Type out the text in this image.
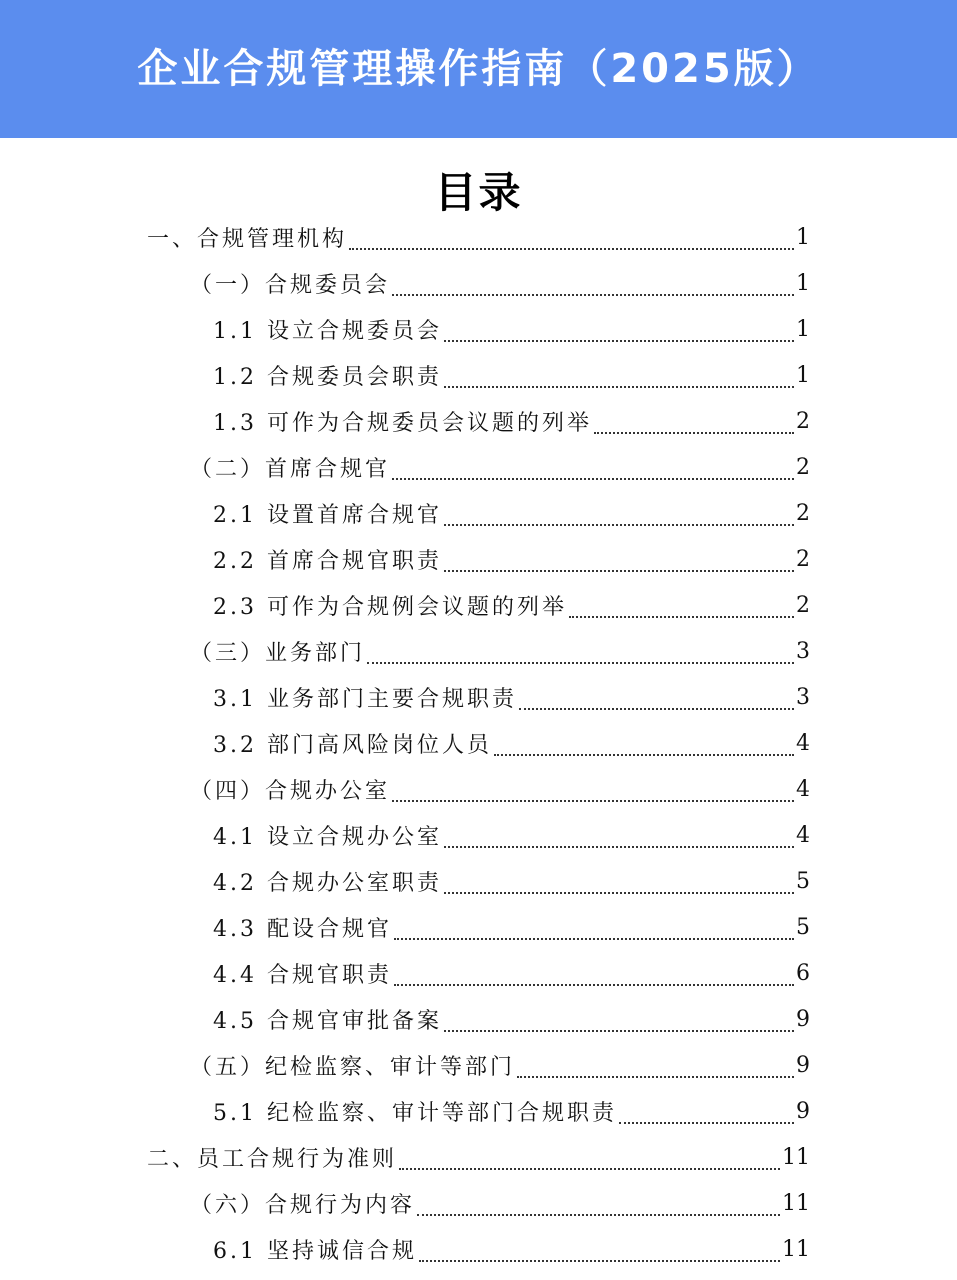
企业合规管理操作指南（2025版）
目录
一、合规管理机构	1
（一）合规委员会	1
1.1 设立合规委员会	1
1.2 合规委员会职责	1
1.3 可作为合规委员会议题的列举	2
（二）首席合规官	2
2.1 设置首席合规官	2
2.2 首席合规官职责	2
2.3 可作为合规例会议题的列举	2
（三）业务部门	3
3.1 业务部门主要合规职责	3
3.2 部门高风险岗位人员	4
（四）合规办公室	4
4.1 设立合规办公室	4
4.2 合规办公室职责	5
4.3 配设合规官	5
4.4 合规官职责	6
4.5 合规官审批备案	9
（五）纪检监察、审计等部门	9
5.1 纪检监察、审计等部门合规职责	9
二、员工合规行为准则	11
（六）合规行为内容	11
6.1 坚持诚信合规	11
